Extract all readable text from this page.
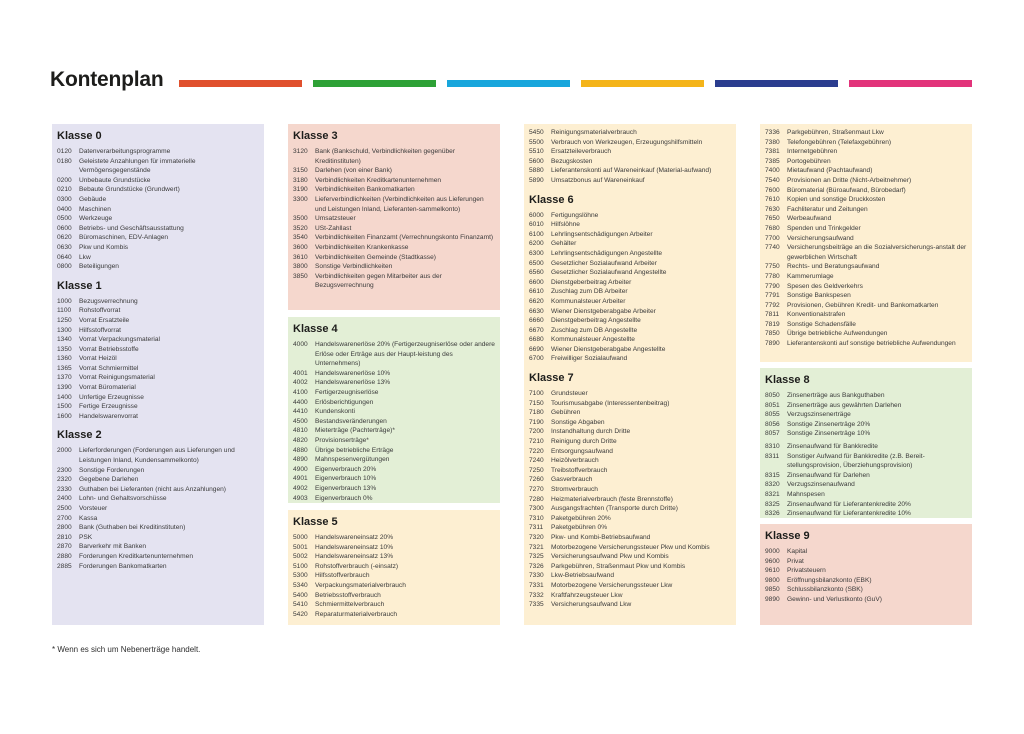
Kontenplan
Klasse 0
0120	Datenverarbeitungsprogramme
0180	Geleistete Anzahlungen für immaterielle Vermögensgegenstände
0200	Unbebaute Grundstücke
0210	Bebaute Grundstücke (Grundwert)
0300	Gebäude
0400	Maschinen
0500	Werkzeuge
0600	Betriebs- und Geschäftsausstattung
0620	Büromaschinen, EDV-Anlagen
0630	Pkw und Kombis
0640	Lkw
0800	Beteiligungen
Klasse 1
1000	Bezugsverrechnung
1100	Rohstoffvorrat
1250	Vorrat Ersatzteile
1300	Hilfsstoffvorrat
1340	Vorrat Verpackungsmaterial
1350	Vorrat Betriebsstoffe
1360	Vorrat Heizöl
1365	Vorrat Schmiermittel
1370	Vorrat Reinigungsmaterial
1390	Vorrat Büromaterial
1400	Unfertige Erzeugnisse
1500	Fertige Erzeugnisse
1600	Handelswarenvorrat
Klasse 2
2000	Lieferforderungen (Forderungen aus Lieferungen und Leistungen Inland, Kundensammelkonto)
2300	Sonstige Forderungen
2320	Gegebene Darlehen
2330	Guthaben bei Lieferanten (nicht aus Anzahlungen)
2400	Lohn- und Gehaltsvorschüsse
2500	Vorsteuer
2700	Kassa
2800	Bank (Guthaben bei Kreditinstituten)
2810	PSK
2870	Barverkehr mit Banken
2880	Forderungen Kreditkartenunternehmen
2885	Forderungen Bankomatkarten
Klasse 3
3120	Bank (Bankschuld, Verbindlichkeiten gegenüber Kreditinstituten)
3150	Darlehen (von einer Bank)
3180	Verbindlichkeiten Kreditkartenunternehmen
3190	Verbindlichkeiten Bankomatkarten
3300	Lieferverbindlichkeiten (Verbindlichkeiten aus Lieferungen und Leistungen Inland, Lieferanten-sammelkonto)
3500	Umsatzsteuer
3520	USt-Zahllast
3540	Verbindlichkeiten Finanzamt (Verrechnungskonto Finanzamt)
3600	Verbindlichkeiten Krankenkasse
3610	Verbindlichkeiten Gemeinde (Stadtkasse)
3800	Sonstige Verbindlichkeiten
3850	Verbindlichkeiten gegen Mitarbeiter aus der Bezugsverrechnung
Klasse 4
4000	Handelswarenerlöse 20% (Fertigerzeugniserlöse oder andere Erlöse oder Erträge aus der Haupt-leistung des Unternehmens)
4001	Handelswarenerlöse 10%
4002	Handelswarenerlöse 13%
4100	Fertigerzeugniserlöse
4400	Erlösberichtigungen
4410	Kundenskonti
4500	Bestandsveränderungen
4810	Mieterträge (Pachterträge)*
4820	Provisionserträge*
4880	Übrige betriebliche Erträge
4890	Mahnspesenvergütungen
4900	Eigenverbrauch 20%
4901	Eigenverbrauch 10%
4902	Eigenverbrauch 13%
4903	Eigenverbrauch 0%
Klasse 5
5000	Handelswareneinsatz 20%
5001	Handelswareneinsatz 10%
5002	Handelswareneinsatz 13%
5100	Rohstoffverbrauch (-einsatz)
5300	Hilfsstoffverbrauch
5340	Verpackungsmaterialverbrauch
5400	Betriebsstoffverbrauch
5410	Schmiermittelverbrauch
5420	Reparaturmaterialverbrauch
5450	Reinigungsmaterialverbrauch
5500	Verbrauch von Werkzeugen, Erzeugungshilfsmitteln
5510	Ersatzteileverbrauch
5600	Bezugskosten
5880	Lieferantenskonti auf Wareneinkauf (Material-aufwand)
5890	Umsatzbonus auf Wareneinkauf
Klasse 6
6000	Fertigungslöhne
6010	Hilfslöhne
6100	Lehrlingsentschädigungen Arbeiter
6200	Gehälter
6300	Lehrlingsentschädigungen Angestellte
6500	Gesetzlicher Sozialaufwand Arbeiter
6560	Gesetzlicher Sozialaufwand Angestellte
6600	Dienstgeberbeitrag Arbeiter
6610	Zuschlag zum DB Arbeiter
6620	Kommunalsteuer Arbeiter
6630	Wiener Dienstgeberabgabe Arbeiter
6660	Dienstgeberbeitrag Angestellte
6670	Zuschlag zum DB Angestellte
6680	Kommunalsteuer Angestellte
6690	Wiener Dienstgeberabgabe Angestellte
6700	Freiwilliger Sozialaufwand
Klasse 7
7100	Grundsteuer
7150	Tourismusabgabe (Interessentenbeitrag)
7180	Gebühren
7190	Sonstige Abgaben
7200	Instandhaltung durch Dritte
7210	Reinigung durch Dritte
7220	Entsorgungsaufwand
7240	Heizölverbrauch
7250	Treibstoffverbrauch
7260	Gasverbrauch
7270	Stromverbrauch
7280	Heizmaterialverbrauch (feste Brennstoffe)
7300	Ausgangsfrachten (Transporte durch Dritte)
7310	Paketgebühren 20%
7311	Paketgebühren 0%
7320	Pkw- und Kombi-Betriebsaufwand
7321	Motorbezogene Versicherungssteuer Pkw und Kombis
7325	Versicherungsaufwand Pkw und Kombis
7326	Parkgebühren, Straßenmaut Pkw und Kombis
7330	Lkw-Betriebsaufwand
7331	Motorbezogene Versicherungssteuer Lkw
7332	Kraftfahrzeugsteuer Lkw
7335	Versicherungsaufwand Lkw
7336	Parkgebühren, Straßenmaut Lkw
7380	Telefongebühren (Telefaxgebühren)
7381	Internetgebühren
7385	Portogebühren
7400	Mietaufwand (Pachtaufwand)
7540	Provisionen an Dritte (Nicht-Arbeitnehmer)
7600	Büromaterial (Büroaufwand, Bürobedarf)
7610	Kopien und sonstige Druckkosten
7630	Fachliteratur und Zeitungen
7650	Werbeaufwand
7680	Spenden und Trinkgelder
7700	Versicherungsaufwand
7740	Versicherungsbeiträge an die Sozialversicherungs-anstalt der gewerblichen Wirtschaft
7750	Rechts- und Beratungsaufwand
7780	Kammerumlage
7790	Spesen des Geldverkehrs
7791	Sonstige Bankspesen
7792	Provisionen, Gebühren Kredit- und Bankomatkarten
7811	Konventionalstrafen
7819	Sonstige Schadensfälle
7850	Übrige betriebliche Aufwendungen
7890	Lieferantenskonti auf sonstige betriebliche Aufwendungen
Klasse 8
8050	Zinsenerträge aus Bankguthaben
8051	Zinsenerträge aus gewährten Darlehen
8055	Verzugszinsenerträge
8056	Sonstige Zinsenerträge 20%
8057	Sonstige Zinsenerträge 10%
8310	Zinsenaufwand für Bankkredite
8311	Sonstiger Aufwand für Bankkredite (z.B. Bereit-stellungsprovision, Überziehungsprovision)
8315	Zinsenaufwand für Darlehen
8320	Verzugszinsenaufwand
8321	Mahnspesen
8325	Zinsenaufwand für Lieferantenkredite 20%
8326	Zinsenaufwand für Lieferantenkredite 10%
Klasse 9
9000	Kapital
9600	Privat
9610	Privatsteuern
9800	Eröffnungsbilanzkonto (EBK)
9850	Schlussbilanzkonto (SBK)
9890	Gewinn- und Verlustkonto (GuV)
* Wenn es sich um Nebenerträge handelt.
